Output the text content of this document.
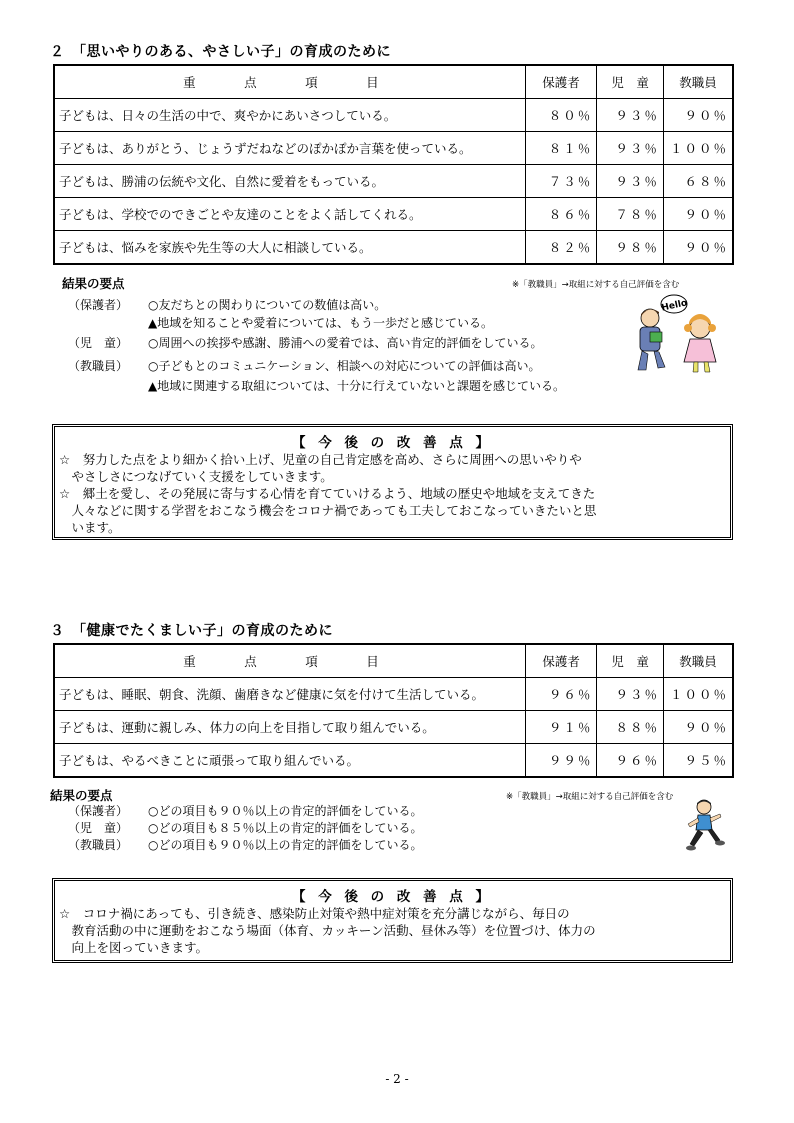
２　「思いやりのある、やさしい子」の育成のために
重　点　項　目	保護者	児　童	教職員
子どもは、日々の生活の中で、爽やかにあいさつしている。	８０％	９３％	９０％
子どもは、ありがとう、じょうずだねなどのぽかぽか言葉を使っている。	８１％	９３％	１００％
子どもは、勝浦の伝統や文化、自然に愛着をもっている。	７３％	９３％	６８％
子どもは、学校でのできごとや友達のことをよく話してくれる。	８６％	７８％	９０％
子どもは、悩みを家族や先生等の大人に相談している。	８２％	９８％	９０％
結果の要点	※「教職員」→取組に対する自己評価を含む
（保護者） ○友だちとの関わりについての数値は高い。
▲地域を知ることや愛着については、もう一歩だと感じている。
（児　童） ○周囲への挨拶や感謝、勝浦への愛着では、高い肯定的評価をしている。
（教職員） ○子どもとのコミュニケーション、相談への対応についての評価は高い。
▲地域に関連する取組については、十分に行えていないと課題を感じている。
Hello
【 今 後 の 改 善 点 】

☆　努力した点をより細かく拾い上げ、児童の自己肯定感を高め、さらに周囲への思いやりや

　やさしさにつなげていく支援をしていきます。

☆　郷土を愛し、その発展に寄与する心情を育てていけるよう、地域の歴史や地域を支えてきた

　人々などに関する学習をおこなう機会をコロナ禍であっても工夫しておこなっていきたいと思

　います。

３　「健康でたくましい子」の育成のために
重　点　項　目	保護者	児　童	教職員
子どもは、睡眠、朝食、洗顔、歯磨きなど健康に気を付けて生活している。	９６％	９３％	１００％
子どもは、運動に親しみ、体力の向上を目指して取り組んでいる。	９１％	８８％	９０％
子どもは、やるべきことに頑張って取り組んでいる。	９９％	９６％	９５％
結果の要点	※「教職員」→取組に対する自己評価を含む
（保護者） ○どの項目も９０％以上の肯定的評価をしている。
（児　童） ○どの項目も８５％以上の肯定的評価をしている。
（教職員） ○どの項目も９０％以上の肯定的評価をしている。
【 今 後 の 改 善 点 】

☆　コロナ禍にあっても、引き続き、感染防止対策や熱中症対策を充分講じながら、毎日の

　教育活動の中に運動をおこなう場面（体育、カッキーン活動、昼休み等）を位置づけ、体力の

　向上を図っていきます。

- 2 -
